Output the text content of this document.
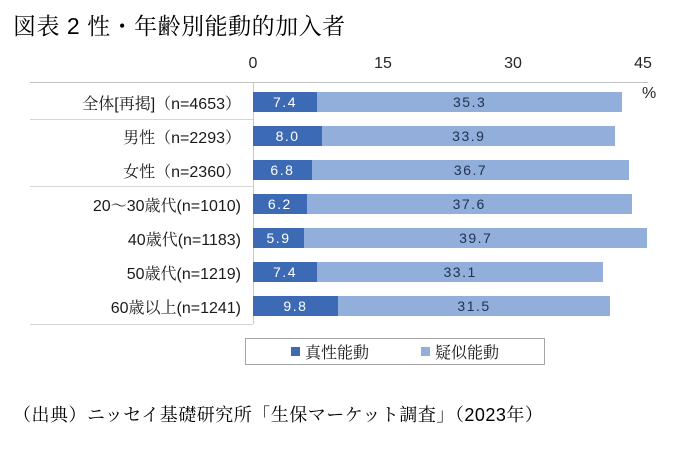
図表 2 性・年齢別能動的加入者
0	15	30	45
%
全体[再掲]（n=4653）	7.4	35.3
男性（n=2293）	8.0	33.9
女性（n=2360）	6.8	36.7
20～30歳代(n=1010)	6.2	37.6
40歳代(n=1183)	5.9	39.7
50歳代(n=1219)	7.4	33.1
60歳以上(n=1241)	9.8	31.5
真性能動	疑似能動
（出典）ニッセイ基礎研究所「生保マーケット調査」（2023年）
